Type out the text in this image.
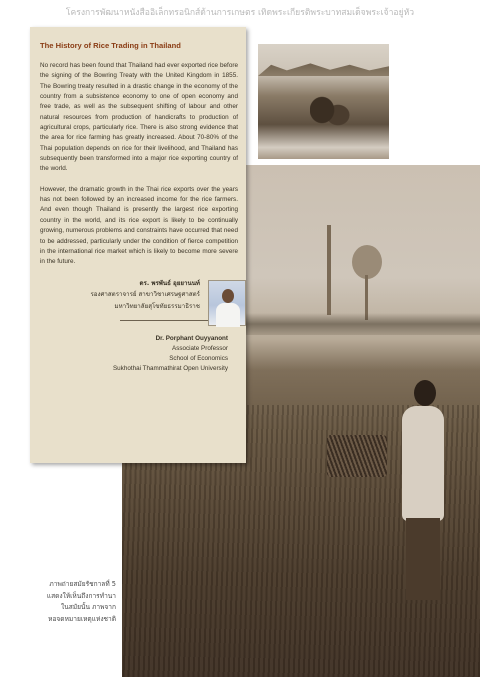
โครงการพัฒนาหนังสืออิเล็กทรอนิกส์ด้านการเกษตร เทิดพระเกียรติพระบาทสมเด็จพระเจ้าอยู่หัว
The History of Rice Trading in Thailand

No record has been found that Thailand had ever exported rice before the signing of the Bowring Treaty with the United Kingdom in 1855. The Bowring treaty resulted in a drastic change in the economy of the country from a subsistence economy to one of open economy and free trade, as well as the subsequent shifting of labour and other natural resources from production of handicrafts to production of agricultural crops, particularly rice. There is also strong evidence that the area for rice farming has greatly increased. About 70-80% of the Thai population depends on rice for their livelihood, and Thailand has subsequently been transformed into a major rice exporting country of the world.

However, the dramatic growth in the Thai rice exports over the years has not been followed by an increased income for the rice farmers. And even though Thailand is presently the largest rice exporting country in the world, and its rice export is likely to be continually growing, numerous problems and constraints have occurred that need to be addressed, particularly under the condition of fierce competition in the international rice market which is likely to become more severe in the future.

ดร. พรพันธ์ อุยยานนท์
รองศาสตราจารย์ สาขาวิชาเศรษฐศาสตร์
มหาวิทยาลัยสุโขทัยธรรมาธิราช
Dr. Porphant Ouyyanont
Associate Professor
School of Economics
Sukhothai Thammathirat Open University
ภาพถ่ายสมัยรัชกาลที่ 5
แสดงให้เห็นถึงการทำนา
ในสมัยนั้น ภาพจาก
หอจดหมายเหตุแห่งชาติ
